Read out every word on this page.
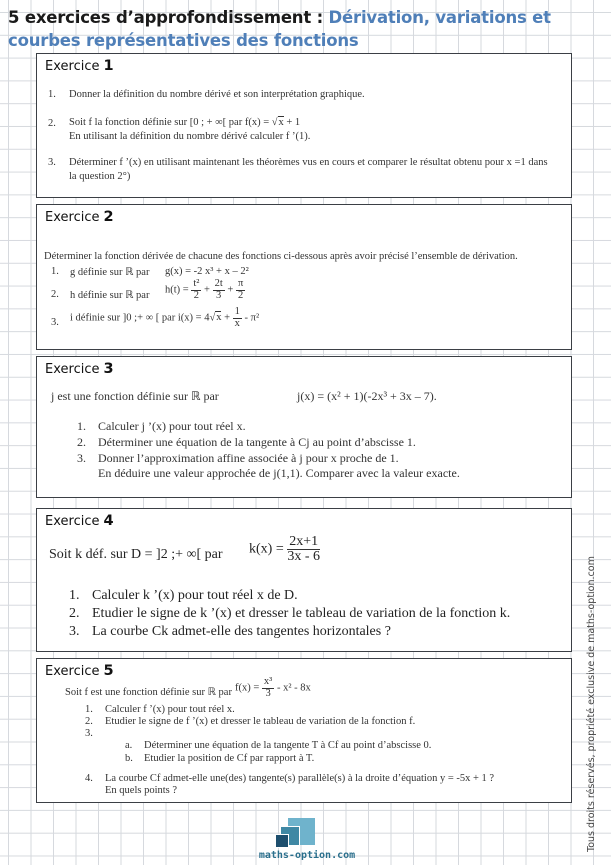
5 exercices d’approfondissement : Dérivation, variations et courbes représentatives des fonctions
Exercice 1
1. Donner la définition du nombre dérivé et son interprétation graphique.
2. Soit f la fonction définie sur [0 ; + ∞[ par f(x) = √x + 1
En utilisant la définition du nombre dérivé calculer f ’(1).
3. Déterminer f ’(x) en utilisant maintenant les théorèmes vus en cours et comparer le résultat obtenu pour x =1 dans
la question 2°)
Exercice 2
Déterminer la fonction dérivée de chacune des fonctions ci-dessous après avoir précisé l’ensemble de dérivation.
1. g définie sur ℝ par g(x) = -2 x³ + x – 2²
2. h définie sur ℝ par
$h(t) = \frac{\text{t²}}{2} + \frac{2t}{3} + \frac{\pi}{2}$
3. i définie sur ]0 ;+ ∞ [ par $i(x) = 4√x + \frac{1}{x} - \pi^2$
Exercice 3
j est une fonction définie sur ℝ par	j(x) = (x² + 1)(-2x³ + 3x – 7).
1. Calculer j ’(x) pour tout réel x.
2. Déterminer une équation de la tangente à Cj au point d’abscisse 1.
3. Donner l’approximation affine associée à j pour x proche de 1.
En déduire une valeur approchée de j(1,1). Comparer avec la valeur exacte.
Exercice 4
Soit k déf. sur D = ]2 ;+ ∞[ par $k(x) = \frac{2x+1}{3x - 6}$
1. Calculer k ’(x) pour tout réel x de D.
2. Etudier le signe de k ’(x) et dresser le tableau de variation de la fonction k.
3. La courbe Ck admet-elle des tangentes horizontales ?
Exercice 5
Soit f est une fonction définie sur ℝ par $f(x) = \frac{\text{x³}}{3} - x^2 - 8x$
1. Calculer f ’(x) pour tout réel x.
2. Etudier le signe de f ’(x) et dresser le tableau de variation de la fonction f.
3.
a. Déterminer une équation de la tangente T à Cf au point d’abscisse 0.
b. Etudier la position de Cf par rapport à T.
4. La courbe Cf admet-elle une(des) tangente(s) parallèle(s) à la droite d’équation y = -5x + 1 ?
En quels points ?	Tous droits réservés, propriété exclusive de maths-option.com
maths-option.com
